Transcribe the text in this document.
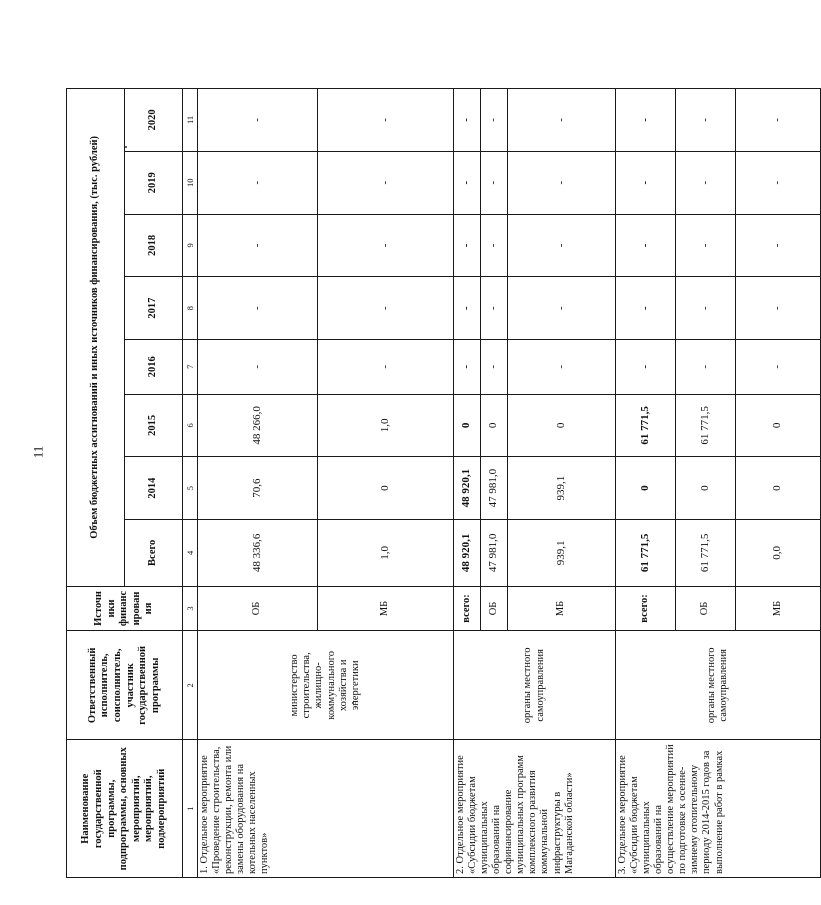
11
Наименование государственной программы, подпрограммы, основных мероприятий, мероприятий, подмероприятий	Ответственный исполнитель, соисполнитель, участник государственной программы	Источники финансирования	Объем бюджетных ассигнований и иных источников финансирования, (тыс. рублей)							
			Всего	2014	2015	2016	2017	2018	2019	2020
1	2	3	4	5	6	7	8	9	10	11
1. Отдельное мероприятие «Проведение строительства, реконструкции, ремонта или замены оборудования на котельных населенных пунктов»	министерство строительства, жилищно-коммунального хозяйства и энергетики	ОБ	48 336,6	70,6	48 266,0	-	-	-	-	-
		МБ	1,0	0	1,0	-	-	-	-	-
2. Отдельное мероприятие «Субсидии бюджетам муниципальных образований на софинансирование муниципальных программ комплексного развития коммунальной инфраструктуры в Магаданской области»	органы местного самоуправления	всего:	48 920,1	48 920,1	0	-	-	-	-	-
		ОБ	47 981,0	47 981,0	0	-	-	-	-	-
		МБ	939,1	939,1	0	-	-	-	-	-
3. Отдельное мероприятие «Субсидии бюджетам муниципальных образований на осуществление мероприятий по подготовке к осенне-зимнему отопительному периоду 2014-2015 годов за выполнение работ в рамках	органы местного самоуправления	всего:	61 771,5	0	61 771,5	-	-	-	-	-
		ОБ	61 771,5	0	61 771,5	-	-	-	-	-
		МБ	0,0	0	0	-	-	-	-	-
